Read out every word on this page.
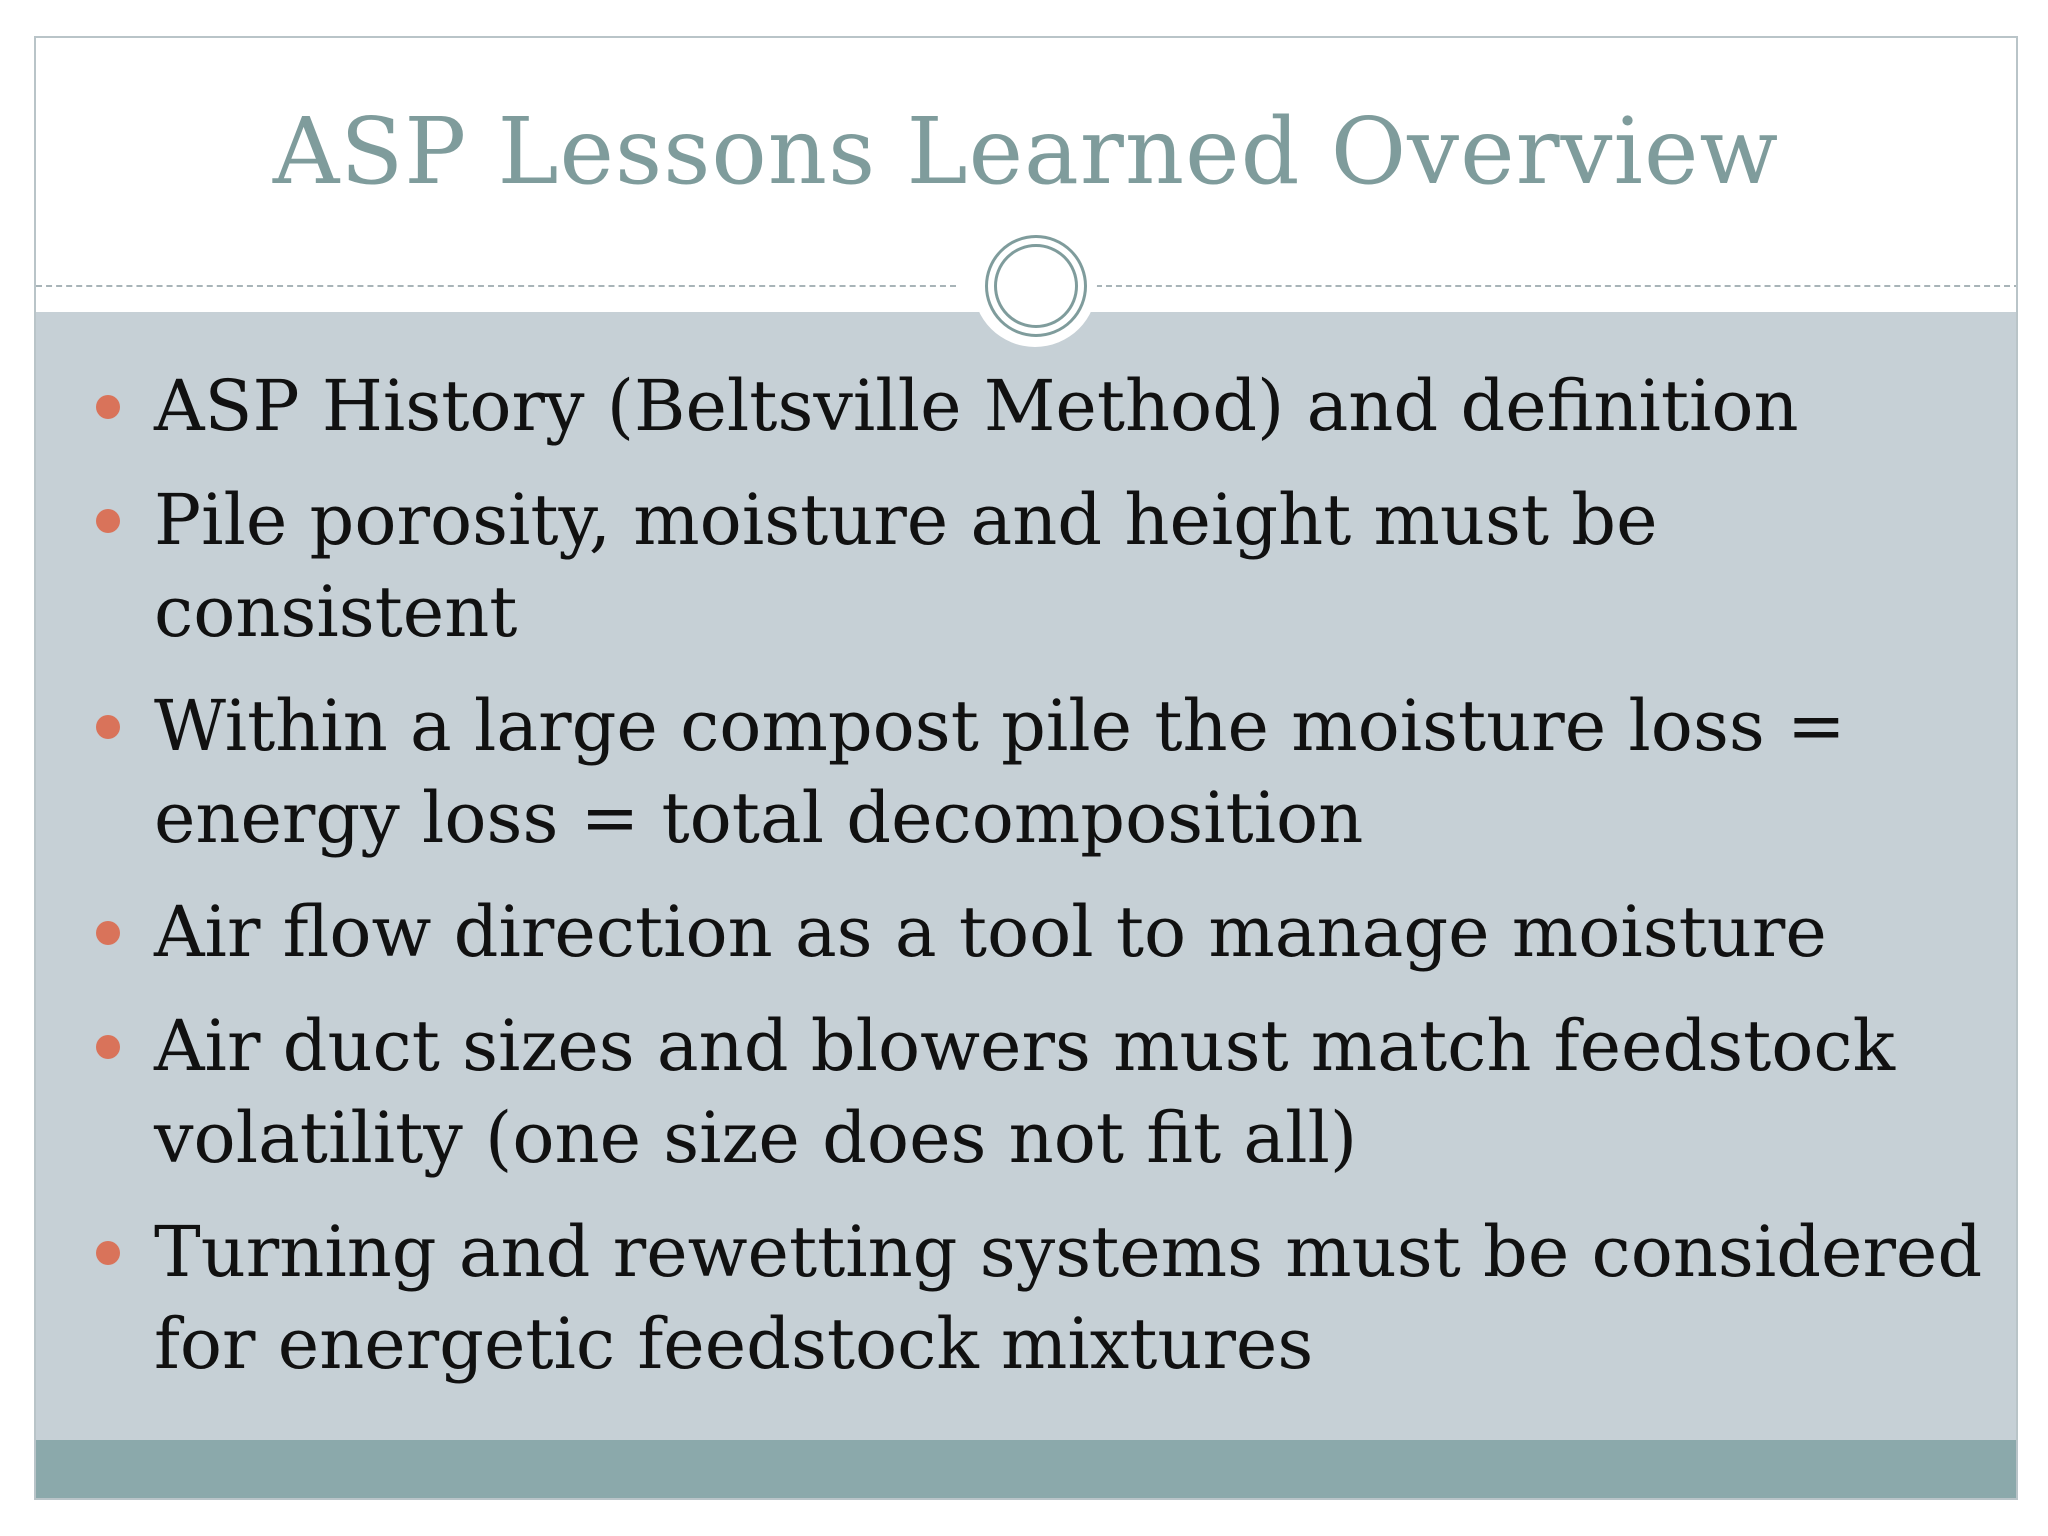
ASP Lessons Learned Overview
ASP History (Beltsville Method) and definition
Pile porosity, moisture and height must be consistent
Within a large compost pile the moisture loss = energy loss = total decomposition
Air flow direction as a tool to manage moisture
Air duct sizes and blowers must match feedstock volatility (one size does not fit all)
Turning and rewetting systems must be considered for energetic feedstock mixtures
